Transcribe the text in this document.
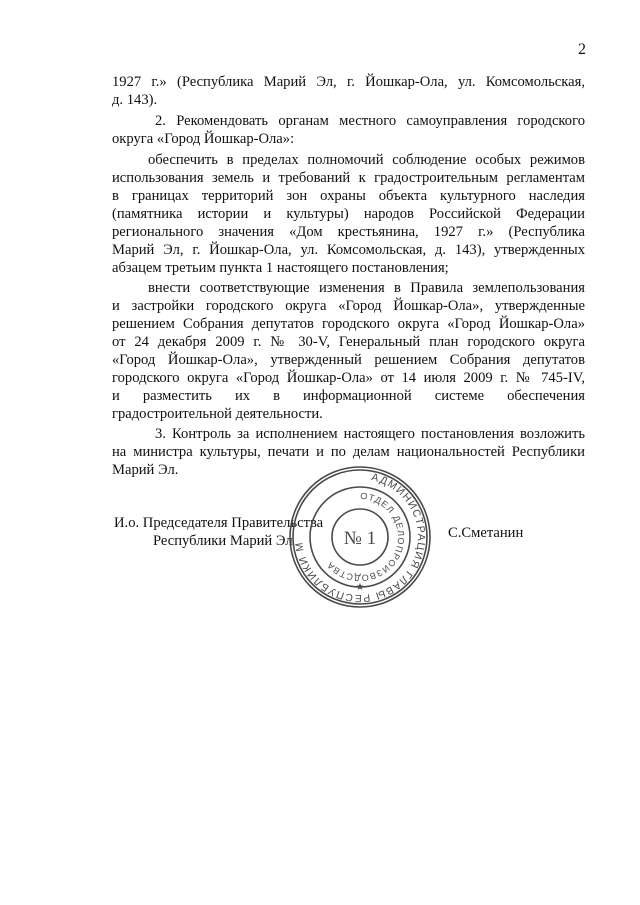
2
1927 г.» (Республика Марий Эл, г. Йошкар-Ола, ул. Комсомольская,
д. 143).
2. Рекомендовать органам местного самоуправления городского
округа «Город Йошкар-Ола»:
обеспечить в пределах полномочий соблюдение особых режимов
использования земель и требований к градостроительным регламентам
в границах территорий зон охраны объекта культурного наследия
(памятника истории и культуры) народов Российской Федерации
регионального значения «Дом крестьянина, 1927 г.» (Республика
Марий Эл, г. Йошкар-Ола, ул. Комсомольская, д. 143), утвержденных
абзацем третьим пункта 1 настоящего постановления;
внести соответствующие изменения в Правила землепользования
и застройки городского округа «Город Йошкар-Ола», утвержденные
решением Собрания депутатов городского округа «Город Йошкар-Ола»
от 24 декабря 2009 г. № 30-V, Генеральный план городского округа
«Город Йошкар-Ола», утвержденный решением Собрания депутатов
городского округа «Город Йошкар-Ола» от 14 июля 2009 г. № 745-IV,
и разместить их в информационной системе обеспечения
градостроительной деятельности.
3. Контроль за исполнением настоящего постановления возложить
на министра культуры, печати и по делам национальностей Республики
Марий Эл.
И.о. Председателя Правительства
Республики Марий Эл	С.Сметанин
АДМИНИСТРАЦИЯ ГЛАВЫ РЕСПУБЛИКИ М
ОТДЕЛ ДЕЛОПРОИЗВОДСТВА
№ 1
★
